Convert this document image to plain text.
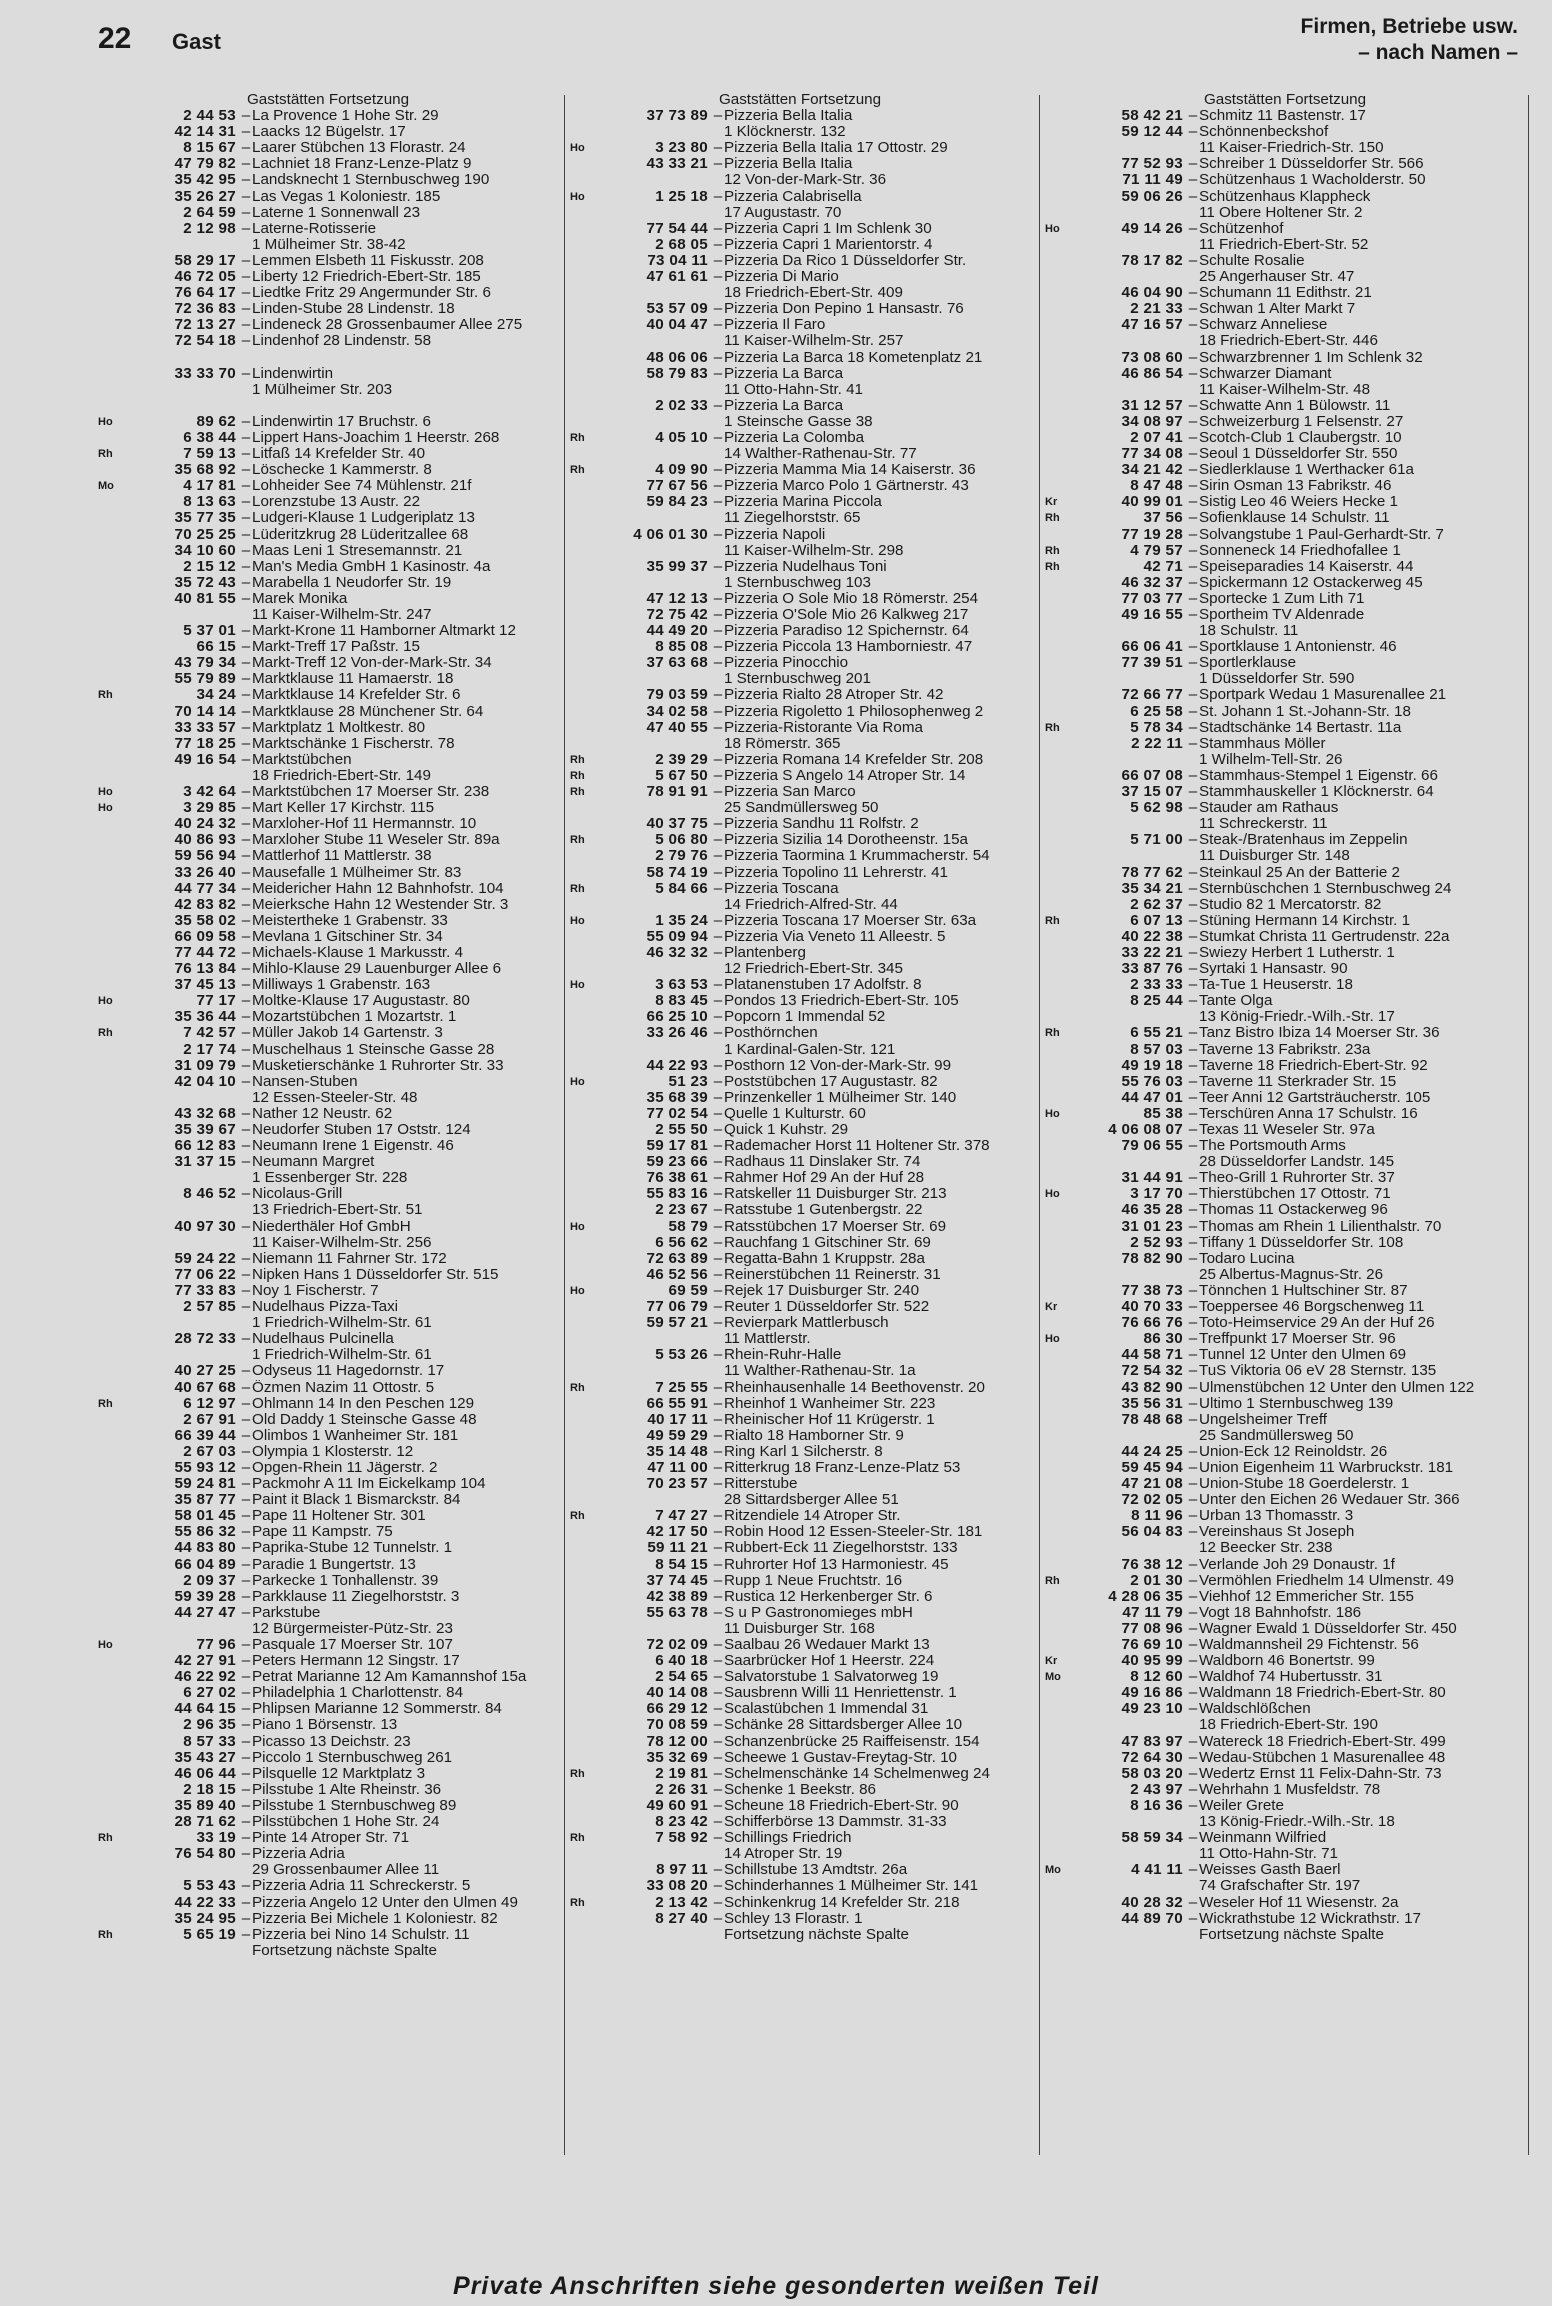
22 Gast
Firmen, Betriebe usw.
– nach Namen –
Gaststätten Fortsetzung
2 44 53 – La Provence 1 Hohe Str. 29
42 14 31 – Laacks 12 Bügelstr. 17
8 15 67 – Laarer Stübchen 13 Florastr. 24
47 79 82 – Lachniet 18 Franz-Lenze-Platz 9
35 42 95 – Landsknecht 1 Sternbuschweg 190
35 26 27 – Las Vegas 1 Koloniestr. 185
2 64 59 – Laterne 1 Sonnenwall 23
2 12 98 – Laterne-Rotisserie
1 Mülheimer Str. 38-42
58 29 17 – Lemmen Elsbeth 11 Fiskusstr. 208
46 72 05 – Liberty 12 Friedrich-Ebert-Str. 185
76 64 17 – Liedtke Fritz 29 Angermunder Str. 6
72 36 83 – Linden-Stube 28 Lindenstr. 18
72 13 27 – Lindeneck 28 Grossenbaumer Allee 275
72 54 18 – Lindenhof 28 Lindenstr. 58

33 33 70 – Lindenwirtin
1 Mülheimer Str. 203

Ho	89 62 – Lindenwirtin 17 Bruchstr. 6
6 38 44 – Lippert Hans-Joachim 1 Heerstr. 268
Rh	7 59 13 – Litfaß 14 Krefelder Str. 40
35 68 92 – Löschecke 1 Kammerstr. 8
Mo	4 17 81 – Lohheider See 74 Mühlenstr. 21f
8 13 63 – Lorenzstube 13 Austr. 22
35 77 35 – Ludgeri-Klause 1 Ludgeriplatz 13
70 25 25 – Lüderitzkrug 28 Lüderitzallee 68
34 10 60 – Maas Leni 1 Stresemannstr. 21
2 15 12 – Man's Media GmbH 1 Kasinostr. 4a
35 72 43 – Marabella 1 Neudorfer Str. 19
40 81 55 – Marek Monika
11 Kaiser-Wilhelm-Str. 247
5 37 01 – Markt-Krone 11 Hamborner Altmarkt 12
66 15 – Markt-Treff 17 Paßstr. 15
43 79 34 – Markt-Treff 12 Von-der-Mark-Str. 34
55 79 89 – Marktklause 11 Hamaerstr. 18
Rh	34 24 – Marktklause 14 Krefelder Str. 6
70 14 14 – Marktklause 28 Münchener Str. 64
33 33 57 – Marktplatz 1 Moltkestr. 80
77 18 25 – Marktschänke 1 Fischerstr. 78
49 16 54 – Marktstübchen
18 Friedrich-Ebert-Str. 149
Ho	3 42 64 – Marktstübchen 17 Moerser Str. 238
Ho	3 29 85 – Mart Keller 17 Kirchstr. 115
40 24 32 – Marxloher-Hof 11 Hermannstr. 10
40 86 93 – Marxloher Stube 11 Weseler Str. 89a
59 56 94 – Mattlerhof 11 Mattlerstr. 38
33 26 40 – Mausefalle 1 Mülheimer Str. 83
44 77 34 – Meidericher Hahn 12 Bahnhofstr. 104
42 83 82 – Meierksche Hahn 12 Westender Str. 3
35 58 02 – Meistertheke 1 Grabenstr. 33
66 09 58 – Mevlana 1 Gitschiner Str. 34
77 44 72 – Michaels-Klause 1 Markusstr. 4
76 13 84 – Mihlo-Klause 29 Lauenburger Allee 6
37 45 13 – Milliways 1 Grabenstr. 163
Ho	77 17 – Moltke-Klause 17 Augustastr. 80
35 36 44 – Mozartstübchen 1 Mozartstr. 1
Rh	7 42 57 – Müller Jakob 14 Gartenstr. 3
2 17 74 – Muschelhaus 1 Steinsche Gasse 28
31 09 79 – Musketierschänke 1 Ruhrorter Str. 33
42 04 10 – Nansen-Stuben
12 Essen-Steeler-Str. 48
43 32 68 – Nather 12 Neustr. 62
35 39 67 – Neudorfer Stuben 17 Oststr. 124
66 12 83 – Neumann Irene 1 Eigenstr. 46
31 37 15 – Neumann Margret
1 Essenberger Str. 228
8 46 52 – Nicolaus-Grill
13 Friedrich-Ebert-Str. 51
40 97 30 – Niederthäler Hof GmbH
11 Kaiser-Wilhelm-Str. 256
59 24 22 – Niemann 11 Fahrner Str. 172
77 06 22 – Nipken Hans 1 Düsseldorfer Str. 515
77 33 83 – Noy 1 Fischerstr. 7
2 57 85 – Nudelhaus Pizza-Taxi
1 Friedrich-Wilhelm-Str. 61
28 72 33 – Nudelhaus Pulcinella
1 Friedrich-Wilhelm-Str. 61
40 27 25 – Odyseus 11 Hagedornstr. 17
40 67 68 – Özmen Nazim 11 Ottostr. 5
Rh	6 12 97 – Ohlmann 14 In den Peschen 129
2 67 91 – Old Daddy 1 Steinsche Gasse 48
66 39 44 – Olimbos 1 Wanheimer Str. 181
2 67 03 – Olympia 1 Klosterstr. 12
55 93 12 – Opgen-Rhein 11 Jägerstr. 2
59 24 81 – Packmohr A 11 Im Eickelkamp 104
35 87 77 – Paint it Black 1 Bismarckstr. 84
58 01 45 – Pape 11 Holtener Str. 301
55 86 32 – Pape 11 Kampstr. 75
44 83 80 – Paprika-Stube 12 Tunnelstr. 1
66 04 89 – Paradie 1 Bungertstr. 13
2 09 37 – Parkecke 1 Tonhallenstr. 39
59 39 28 – Parkklause 11 Ziegelhorststr. 3
44 27 47 – Parkstube
12 Bürgermeister-Pütz-Str. 23
Ho	77 96 – Pasquale 17 Moerser Str. 107
42 27 91 – Peters Hermann 12 Singstr. 17
46 22 92 – Petrat Marianne 12 Am Kamannshof 15a
6 27 02 – Philadelphia 1 Charlottenstr. 84
44 64 15 – Phlipsen Marianne 12 Sommerstr. 84
2 96 35 – Piano 1 Börsenstr. 13
8 57 33 – Picasso 13 Deichstr. 23
35 43 27 – Piccolo 1 Sternbuschweg 261
46 06 44 – Pilsquelle 12 Marktplatz 3
2 18 15 – Pilsstube 1 Alte Rheinstr. 36
35 89 40 – Pilsstube 1 Sternbuschweg 89
28 71 62 – Pilsstübchen 1 Hohe Str. 24
Rh	33 19 – Pinte 14 Atroper Str. 71
76 54 80 – Pizzeria Adria
29 Grossenbaumer Allee 11
5 53 43 – Pizzeria Adria 11 Schreckerstr. 5
44 22 33 – Pizzeria Angelo 12 Unter den Ulmen 49
35 24 95 – Pizzeria Bei Michele 1 Koloniestr. 82
Rh	5 65 19 – Pizzeria bei Nino 14 Schulstr. 11
Fortsetzung nächste Spalte
Gaststätten Fortsetzung
37 73 89 – Pizzeria Bella Italia
1 Klöcknerstr. 132
Ho	3 23 80 – Pizzeria Bella Italia 17 Ottostr. 29
43 33 21 – Pizzeria Bella Italia
12 Von-der-Mark-Str. 36
Ho	1 25 18 – Pizzeria Calabrisella
17 Augustastr. 70
77 54 44 – Pizzeria Capri 1 Im Schlenk 30
2 68 05 – Pizzeria Capri 1 Marientorstr. 4
73 04 11 – Pizzeria Da Rico 1 Düsseldorfer Str.
47 61 61 – Pizzeria Di Mario
18 Friedrich-Ebert-Str. 409
53 57 09 – Pizzeria Don Pepino 1 Hansastr. 76
40 04 47 – Pizzeria Il Faro
11 Kaiser-Wilhelm-Str. 257
48 06 06 – Pizzeria La Barca 18 Kometenplatz 21
58 79 83 – Pizzeria La Barca
11 Otto-Hahn-Str. 41
2 02 33 – Pizzeria La Barca
1 Steinsche Gasse 38
Rh	4 05 10 – Pizzeria La Colomba
14 Walther-Rathenau-Str. 77
Rh	4 09 90 – Pizzeria Mamma Mia 14 Kaiserstr. 36
77 67 56 – Pizzeria Marco Polo 1 Gärtnerstr. 43
59 84 23 – Pizzeria Marina Piccola
11 Ziegelhorststr. 65
4 06 01 30 – Pizzeria Napoli
11 Kaiser-Wilhelm-Str. 298
35 99 37 – Pizzeria Nudelhaus Toni
1 Sternbuschweg 103
47 12 13 – Pizzeria O Sole Mio 18 Römerstr. 254
72 75 42 – Pizzeria O'Sole Mio 26 Kalkweg 217
44 49 20 – Pizzeria Paradiso 12 Spichernstr. 64
8 85 08 – Pizzeria Piccola 13 Hamborniestr. 47
37 63 68 – Pizzeria Pinocchio
1 Sternbuschweg 201
79 03 59 – Pizzeria Rialto 28 Atroper Str. 42
34 02 58 – Pizzeria Rigoletto 1 Philosophenweg 2
47 40 55 – Pizzeria-Ristorante Via Roma
18 Römerstr. 365
Rh	2 39 29 – Pizzeria Romana 14 Krefelder Str. 208
Rh	5 67 50 – Pizzeria S Angelo 14 Atroper Str. 14
Rh	78 91 91 – Pizzeria San Marco
25 Sandmüllersweg 50
40 37 75 – Pizzeria Sandhu 11 Rolfstr. 2
Rh	5 06 80 – Pizzeria Sizilia 14 Dorotheenstr. 15a
2 79 76 – Pizzeria Taormina 1 Krummacherstr. 54
58 74 19 – Pizzeria Topolino 11 Lehrerstr. 41
Rh	5 84 66 – Pizzeria Toscana
14 Friedrich-Alfred-Str. 44
Ho	1 35 24 – Pizzeria Toscana 17 Moerser Str. 63a
55 09 94 – Pizzeria Via Veneto 11 Alleestr. 5
46 32 32 – Plantenberg
12 Friedrich-Ebert-Str. 345
Ho	3 63 53 – Platanenstuben 17 Adolfstr. 8
8 83 45 – Pondos 13 Friedrich-Ebert-Str. 105
66 25 10 – Popcorn 1 Immendal 52
33 26 46 – Posthörnchen
1 Kardinal-Galen-Str. 121
44 22 93 – Posthorn 12 Von-der-Mark-Str. 99
Ho	51 23 – Poststübchen 17 Augustastr. 82
35 68 39 – Prinzenkeller 1 Mülheimer Str. 140
77 02 54 – Quelle 1 Kulturstr. 60
2 55 50 – Quick 1 Kuhstr. 29
59 17 81 – Rademacher Horst 11 Holtener Str. 378
59 23 66 – Radhaus 11 Dinslaker Str. 74
76 38 61 – Rahmer Hof 29 An der Huf 28
55 83 16 – Ratskeller 11 Duisburger Str. 213
2 23 67 – Ratsstube 1 Gutenbergstr. 22
Ho	58 79 – Ratsstübchen 17 Moerser Str. 69
6 56 62 – Rauchfang 1 Gitschiner Str. 69
72 63 89 – Regatta-Bahn 1 Kruppstr. 28a
46 52 56 – Reinerstübchen 11 Reinerstr. 31
Ho	69 59 – Rejek 17 Duisburger Str. 240
77 06 79 – Reuter 1 Düsseldorfer Str. 522
59 57 21 – Revierpark Mattlerbusch
11 Mattlerstr.
5 53 26 – Rhein-Ruhr-Halle
11 Walther-Rathenau-Str. 1a
Rh	7 25 55 – Rheinhausenhalle 14 Beethovenstr. 20
66 55 91 – Rheinhof 1 Wanheimer Str. 223
40 17 11 – Rheinischer Hof 11 Krügerstr. 1
49 59 29 – Rialto 18 Hamborner Str. 9
35 14 48 – Ring Karl 1 Silcherstr. 8
47 11 00 – Ritterkrug 18 Franz-Lenze-Platz 53
70 23 57 – Ritterstube
28 Sittardsberger Allee 51
Rh	7 47 27 – Ritzendiele 14 Atroper Str.
42 17 50 – Robin Hood 12 Essen-Steeler-Str. 181
59 11 21 – Rubbert-Eck 11 Ziegelhorststr. 133
8 54 15 – Ruhrorter Hof 13 Harmoniestr. 45
37 74 45 – Rupp 1 Neue Fruchtstr. 16
42 38 89 – Rustica 12 Herkenberger Str. 6
55 63 78 – S u P Gastronomieges mbH
11 Duisburger Str. 168
72 02 09 – Saalbau 26 Wedauer Markt 13
6 40 18 – Saarbrücker Hof 1 Heerstr. 224
2 54 65 – Salvatorstube 1 Salvatorweg 19
40 14 08 – Sausbrenn Willi 11 Henriettenstr. 1
66 29 12 – Scalastübchen 1 Immendal 31
70 08 59 – Schänke 28 Sittardsberger Allee 10
78 12 00 – Schanzenbrücke 25 Raiffeisenstr. 154
35 32 69 – Scheewe 1 Gustav-Freytag-Str. 10
Rh	2 19 81 – Schelmenschänke 14 Schelmenweg 24
2 26 31 – Schenke 1 Beekstr. 86
49 60 91 – Scheune 18 Friedrich-Ebert-Str. 90
8 23 42 – Schifferbörse 13 Dammstr. 31-33
Rh	7 58 92 – Schillings Friedrich
14 Atroper Str. 19
8 97 11 – Schillstube 13 Amdtstr. 26a
33 08 20 – Schinderhannes 1 Mülheimer Str. 141
Rh	2 13 42 – Schinkenkrug 14 Krefelder Str. 218
8 27 40 – Schley 13 Florastr. 1
Fortsetzung nächste Spalte
Gaststätten Fortsetzung
58 42 21 – Schmitz 11 Bastenstr. 17
59 12 44 – Schönnenbeckshof
11 Kaiser-Friedrich-Str. 150
77 52 93 – Schreiber 1 Düsseldorfer Str. 566
71 11 49 – Schützenhaus 1 Wacholderstr. 50
59 06 26 – Schützenhaus Klappheck
11 Obere Holtener Str. 2
Ho	49 14 26 – Schützenhof
11 Friedrich-Ebert-Str. 52
78 17 82 – Schulte Rosalie
25 Angerhauser Str. 47
46 04 90 – Schumann 11 Edithstr. 21
2 21 33 – Schwan 1 Alter Markt 7
47 16 57 – Schwarz Anneliese
18 Friedrich-Ebert-Str. 446
73 08 60 – Schwarzbrenner 1 Im Schlenk 32
46 86 54 – Schwarzer Diamant
11 Kaiser-Wilhelm-Str. 48
31 12 57 – Schwatte Ann 1 Bülowstr. 11
34 08 97 – Schweizerburg 1 Felsenstr. 27
2 07 41 – Scotch-Club 1 Claubergstr. 10
77 34 08 – Seoul 1 Düsseldorfer Str. 550
34 21 42 – Siedlerklause 1 Werthacker 61a
8 47 48 – Sirin Osman 13 Fabrikstr. 46
Kr	40 99 01 – Sistig Leo 46 Weiers Hecke 1
Rh	37 56 – Sofienklause 14 Schulstr. 11
77 19 28 – Solvangstube 1 Paul-Gerhardt-Str. 7
Rh	4 79 57 – Sonneneck 14 Friedhofallee 1
Rh	42 71 – Speiseparadies 14 Kaiserstr. 44
46 32 37 – Spickermann 12 Ostackerweg 45
77 03 77 – Sportecke 1 Zum Lith 71
49 16 55 – Sportheim TV Aldenrade
18 Schulstr. 11
66 06 41 – Sportklause 1 Antonienstr. 46
77 39 51 – Sportlerklause
1 Düsseldorfer Str. 590
72 66 77 – Sportpark Wedau 1 Masurenallee 21
6 25 58 – St. Johann 1 St.-Johann-Str. 18
Rh	5 78 34 – Stadtschänke 14 Bertastr. 11a
2 22 11 – Stammhaus Möller
1 Wilhelm-Tell-Str. 26
66 07 08 – Stammhaus-Stempel 1 Eigenstr. 66
37 15 07 – Stammhauskeller 1 Klöcknerstr. 64
5 62 98 – Stauder am Rathaus
11 Schreckerstr. 11
5 71 00 – Steak-/Bratenhaus im Zeppelin
11 Duisburger Str. 148
78 77 62 – Steinkaul 25 An der Batterie 2
35 34 21 – Sternbüschchen 1 Sternbuschweg 24
2 62 37 – Studio 82 1 Mercatorstr. 82
Rh	6 07 13 – Stüning Hermann 14 Kirchstr. 1
40 22 38 – Stumkat Christa 11 Gertrudenstr. 22a
33 22 21 – Swiezy Herbert 1 Lutherstr. 1
33 87 76 – Syrtaki 1 Hansastr. 90
2 33 33 – Ta-Tue 1 Heuserstr. 18
8 25 44 – Tante Olga
13 König-Friedr.-Wilh.-Str. 17
Rh	6 55 21 – Tanz Bistro Ibiza 14 Moerser Str. 36
8 57 03 – Taverne 13 Fabrikstr. 23a
49 19 18 – Taverne 18 Friedrich-Ebert-Str. 92
55 76 03 – Taverne 11 Sterkrader Str. 15
44 47 01 – Teer Anni 12 Gartsträucherstr. 105
Ho	85 38 – Terschüren Anna 17 Schulstr. 16
4 06 08 07 – Texas 11 Weseler Str. 97a
79 06 55 – The Portsmouth Arms
28 Düsseldorfer Landstr. 145
31 44 91 – Theo-Grill 1 Ruhrorter Str. 37
Ho	3 17 70 – Thierstübchen 17 Ottostr. 71
46 35 28 – Thomas 11 Ostackerweg 96
31 01 23 – Thomas am Rhein 1 Lilienthalstr. 70
2 52 93 – Tiffany 1 Düsseldorfer Str. 108
78 82 90 – Todaro Lucina
25 Albertus-Magnus-Str. 26
77 38 73 – Tönnchen 1 Hultschiner Str. 87
Kr	40 70 33 – Toeppersee 46 Borgschenweg 11
76 66 76 – Toto-Heimservice 29 An der Huf 26
Ho	86 30 – Treffpunkt 17 Moerser Str. 96
44 58 71 – Tunnel 12 Unter den Ulmen 69
72 54 32 – TuS Viktoria 06 eV 28 Sternstr. 135
43 82 90 – Ulmenstübchen 12 Unter den Ulmen 122
35 56 31 – Ultimo 1 Sternbuschweg 139
78 48 68 – Ungelsheimer Treff
25 Sandmüllersweg 50
44 24 25 – Union-Eck 12 Reinoldstr. 26
59 45 94 – Union Eigenheim 11 Warbruckstr. 181
47 21 08 – Union-Stube 18 Goerdelerstr. 1
72 02 05 – Unter den Eichen 26 Wedauer Str. 366
8 11 96 – Urban 13 Thomasstr. 3
56 04 83 – Vereinshaus St Joseph
12 Beecker Str. 238
76 38 12 – Verlande Joh 29 Donaustr. 1f
Rh	2 01 30 – Vermöhlen Friedhelm 14 Ulmenstr. 49
4 28 06 35 – Viehhof 12 Emmericher Str. 155
47 11 79 – Vogt 18 Bahnhofstr. 186
77 08 96 – Wagner Ewald 1 Düsseldorfer Str. 450
76 69 10 – Waldmannsheil 29 Fichtenstr. 56
Kr	40 95 99 – Waldborn 46 Bonertstr. 99
Mo	8 12 60 – Waldhof 74 Hubertusstr. 31
49 16 86 – Waldmann 18 Friedrich-Ebert-Str. 80
49 23 10 – Waldschlößchen
18 Friedrich-Ebert-Str. 190
47 83 97 – Watereck 18 Friedrich-Ebert-Str. 499
72 64 30 – Wedau-Stübchen 1 Masurenallee 48
58 03 20 – Wedertz Ernst 11 Felix-Dahn-Str. 73
2 43 97 – Wehrhahn 1 Musfeldstr. 78
8 16 36 – Weiler Grete
13 König-Friedr.-Wilh.-Str. 18
58 59 34 – Weinmann Wilfried
11 Otto-Hahn-Str. 71
Mo	4 41 11 – Weisses Gasth Baerl
74 Grafschafter Str. 197
40 28 32 – Weseler Hof 11 Wiesenstr. 2a
44 89 70 – Wickrathstube 12 Wickrathstr. 17
Fortsetzung nächste Spalte
Private Anschriften siehe gesonderten weißen Teil
